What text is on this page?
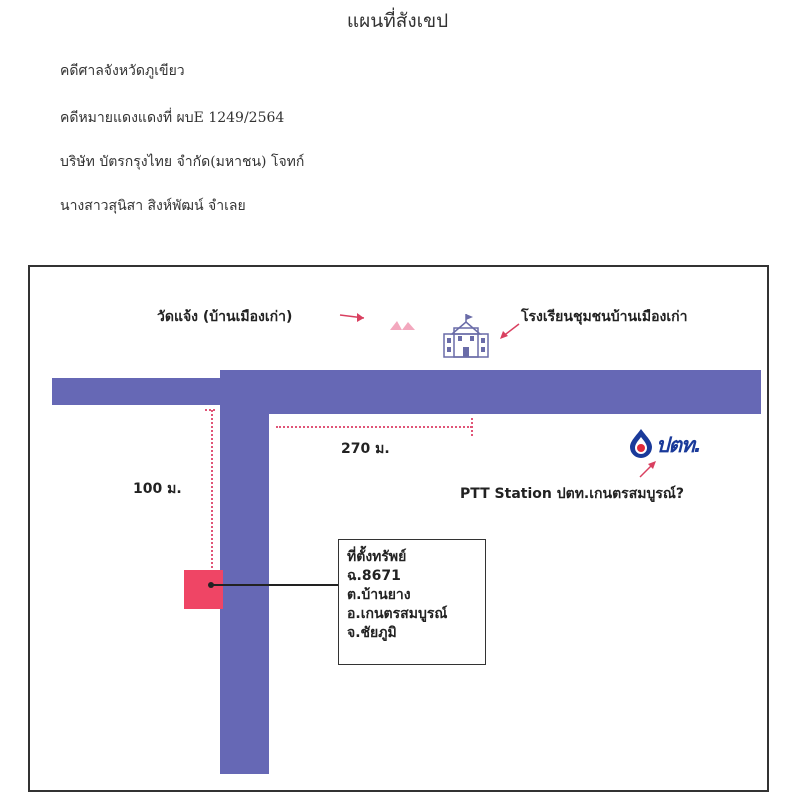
แผนที่สังเขป
คดีศาลจังหวัดภูเขียว
คดีหมายแดงแดงที่ ผบE 1249/2564
บริษัท บัตรกรุงไทย จำกัด(มหาชน) โจทก์
นางสาวสุนิสา สิงห์พัฒน์ จำเลย
วัดแจ้ง (บ้านเมืองเก่า)	โรงเรียนชุมชนบ้านเมืองเก่า
270 ม.
100 ม.
ปตท.
PTT Station ปตท.เกนตรสมบูรณ์?
ที่ตั้งทรัพย์
ฉ.8671
ต.บ้านยาง
อ.เกนตรสมบูรณ์
จ.ชัยภูมิ
